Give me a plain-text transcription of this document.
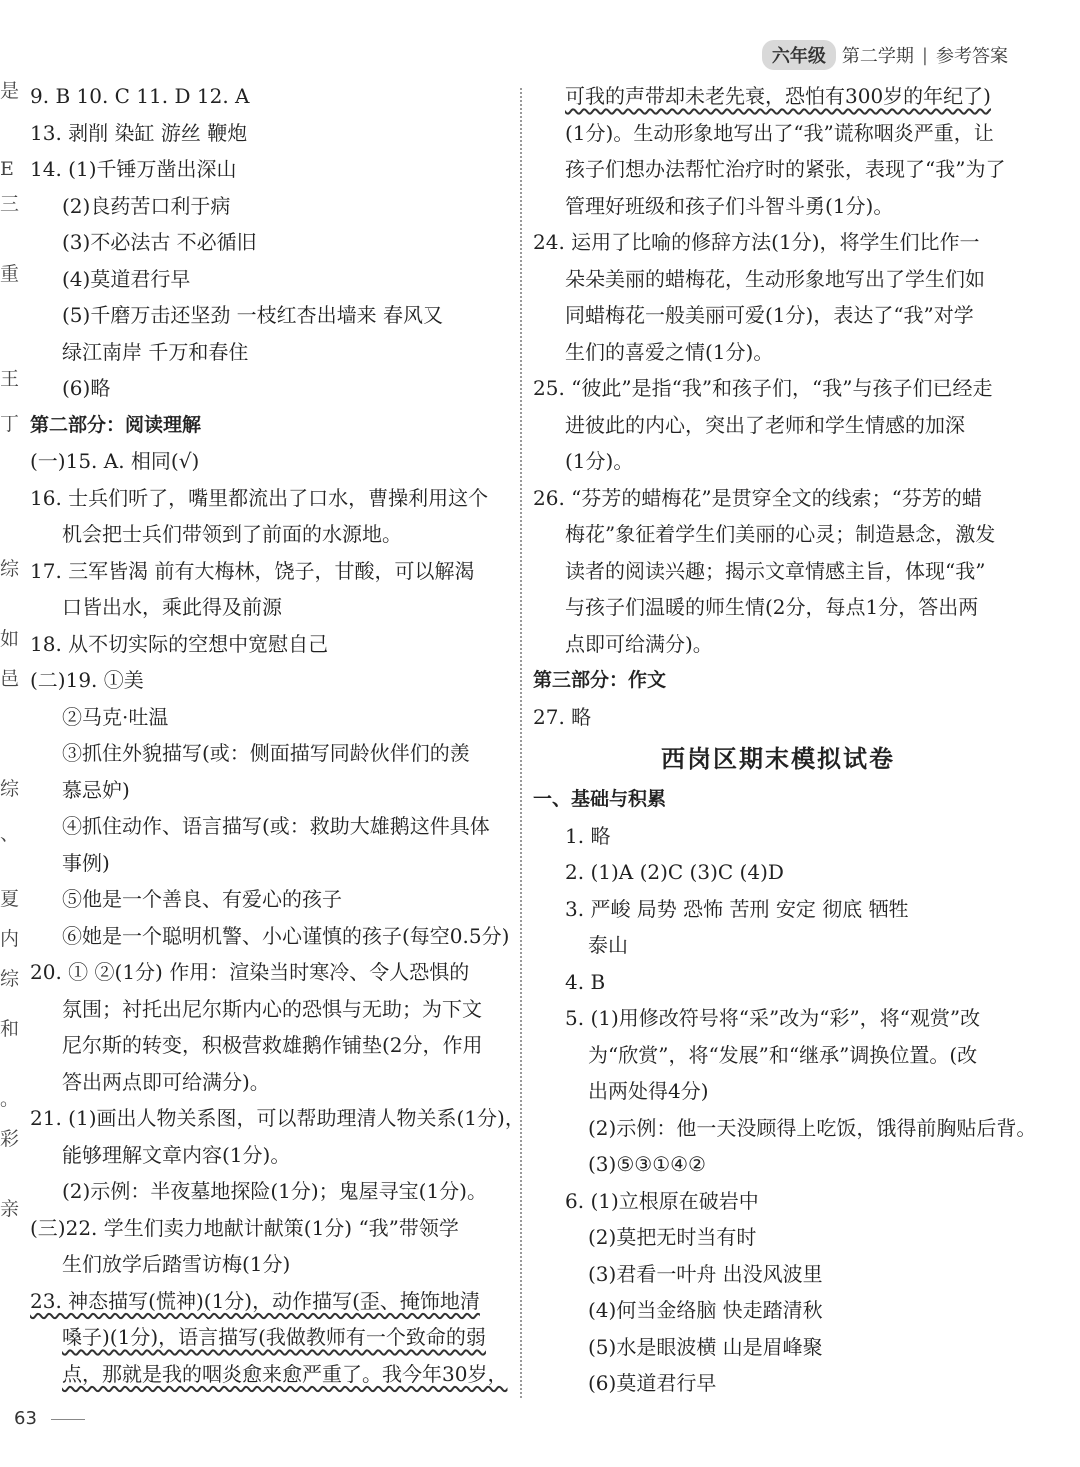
六年级 第二学期 | 参考答案
是
E
三
重
王
丁
综
如
邑
综
、
夏
内
综
和
。
彩
亲
9. B 10. C 11. D 12. A
13. 剥削 染缸 游丝 鞭炮
14. (1)千锤万凿出深山
(2)良药苦口利于病
(3)不必法古 不必循旧
(4)莫道君行早
(5)千磨万击还坚劲 一枝红杏出墙来 春风又
绿江南岸 千万和春住
(6)略
第二部分：阅读理解
(一)15. A. 相同(√)
16. 士兵们听了，嘴里都流出了口水，曹操利用这个
机会把士兵们带领到了前面的水源地。
17. 三军皆渴 前有大梅林，饶子，甘酸，可以解渴
口皆出水，乘此得及前源
18. 从不切实际的空想中宽慰自己
(二)19. ①美
②马克·吐温
③抓住外貌描写(或：侧面描写同龄伙伴们的羡
慕忌妒)
④抓住动作、语言描写(或：救助大雄鹅这件具体
事例)
⑤他是一个善良、有爱心的孩子
⑥她是一个聪明机警、小心谨慎的孩子(每空0.5分)
20. ① ②(1分) 作用：渲染当时寒冷、令人恐惧的
氛围；衬托出尼尔斯内心的恐惧与无助；为下文
尼尔斯的转变，积极营救雄鹅作铺垫(2分，作用
答出两点即可给满分)。
21. (1)画出人物关系图，可以帮助理清人物关系(1分)，
能够理解文章内容(1分)。
(2)示例：半夜墓地探险(1分)；鬼屋寻宝(1分)。
(三)22. 学生们卖力地献计献策(1分) “我”带领学
生们放学后踏雪访梅(1分)
23. 神态描写(慌神)(1分)，动作描写(歪、掩饰地清
嗓子)(1分)，语言描写(我做教师有一个致命的弱
点，那就是我的咽炎愈来愈严重了。我今年30岁，
可我的声带却未老先衰，恐怕有300岁的年纪了)
(1分)。生动形象地写出了“我”谎称咽炎严重，让
孩子们想办法帮忙治疗时的紧张，表现了“我”为了
管理好班级和孩子们斗智斗勇(1分)。
24. 运用了比喻的修辞方法(1分)，将学生们比作一
朵朵美丽的蜡梅花，生动形象地写出了学生们如
同蜡梅花一般美丽可爱(1分)，表达了“我”对学
生们的喜爱之情(1分)。
25. “彼此”是指“我”和孩子们，“我”与孩子们已经走
进彼此的内心，突出了老师和学生情感的加深
(1分)。
26. “芬芳的蜡梅花”是贯穿全文的线索；“芬芳的蜡
梅花”象征着学生们美丽的心灵；制造悬念，激发
读者的阅读兴趣；揭示文章情感主旨，体现“我”
与孩子们温暖的师生情(2分，每点1分，答出两
点即可给满分)。
第三部分：作文
27. 略
西岗区期末模拟试卷
一、基础与积累
1. 略
2. (1)A (2)C (3)C (4)D
3. 严峻 局势 恐怖 苦刑 安定 彻底 牺牲
泰山
4. B
5. (1)用修改符号将“采”改为“彩”，将“观赏”改
为“欣赏”，将“发展”和“继承”调换位置。(改
出两处得4分)
(2)示例：他一天没顾得上吃饭，饿得前胸贴后背。
(3)⑤③①④②
6. (1)立根原在破岩中
(2)莫把无时当有时
(3)君看一叶舟 出没风波里
(4)何当金络脑 快走踏清秋
(5)水是眼波横 山是眉峰聚
(6)莫道君行早
63
